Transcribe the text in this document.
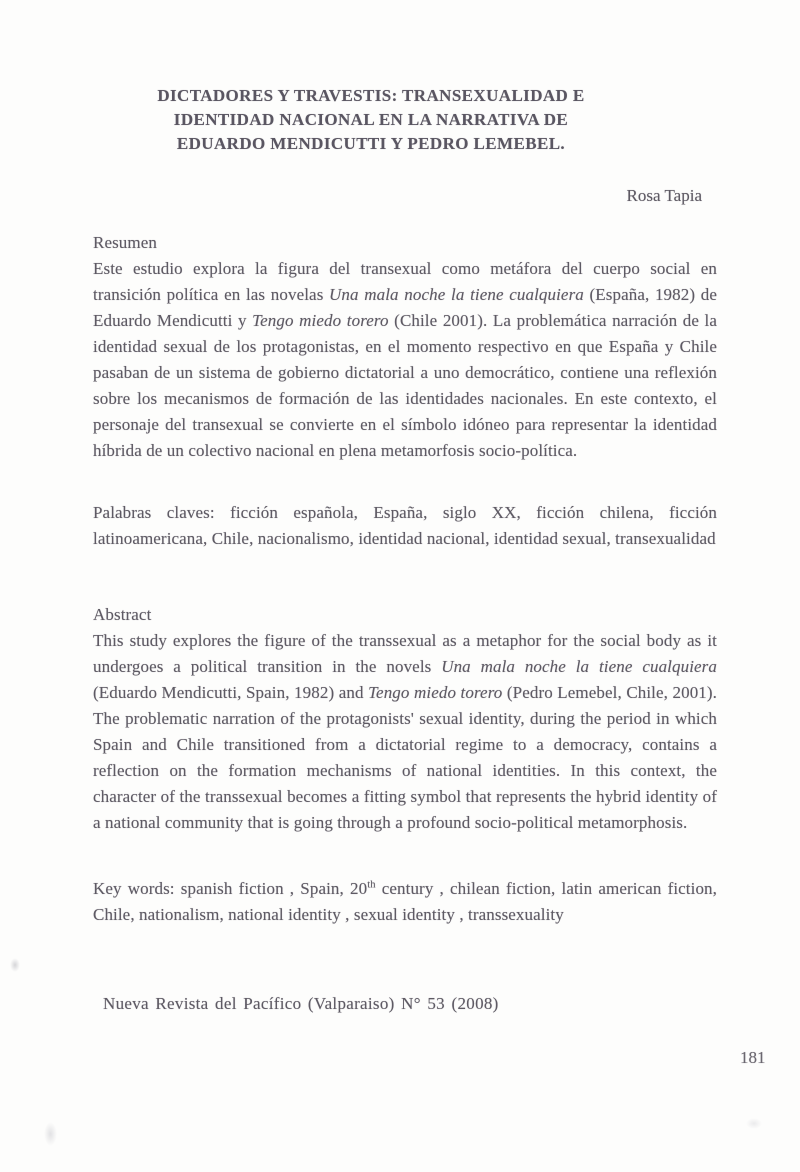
DICTADORES Y TRAVESTIS: TRANSEXUALIDAD E
IDENTIDAD NACIONAL EN LA NARRATIVA DE
EDUARDO MENDICUTTI Y PEDRO LEMEBEL.
Rosa Tapia
Resumen
Este estudio explora la figura del transexual como metáfora del cuerpo social en transición política en las novelas Una mala noche la tiene cualquiera (España, 1982) de Eduardo Mendicutti y Tengo miedo torero (Chile 2001). La problemática narración de la identidad sexual de los protagonistas, en el momento respectivo en que España y Chile pasaban de un sistema de gobierno dictatorial a uno democrático, contiene una reflexión sobre los mecanismos de formación de las identidades nacionales. En este contexto, el personaje del transexual se convierte en el símbolo idóneo para representar la identidad híbrida de un colectivo nacional en plena metamorfosis socio-política.
Palabras claves: ficción española, España, siglo XX, ficción chilena, ficción latinoamericana, Chile, nacionalismo, identidad nacional, identidad sexual, transexualidad
Abstract
This study explores the figure of the transsexual as a metaphor for the social body as it undergoes a political transition in the novels Una mala noche la tiene cualquiera (Eduardo Mendicutti, Spain, 1982) and Tengo miedo torero (Pedro Lemebel, Chile, 2001). The problematic narration of the protagonists' sexual identity, during the period in which Spain and Chile transitioned from a dictatorial regime to a democracy, contains a reflection on the formation mechanisms of national identities. In this context, the character of the transsexual becomes a fitting symbol that represents the hybrid identity of a national community that is going through a profound socio-political metamorphosis.
Key words: spanish fiction , Spain, 20th century , chilean fiction, latin american fiction, Chile, nationalism, national identity , sexual identity , transsexuality
Nueva Revista del Pacífico (Valparaiso) N° 53 (2008)
181
